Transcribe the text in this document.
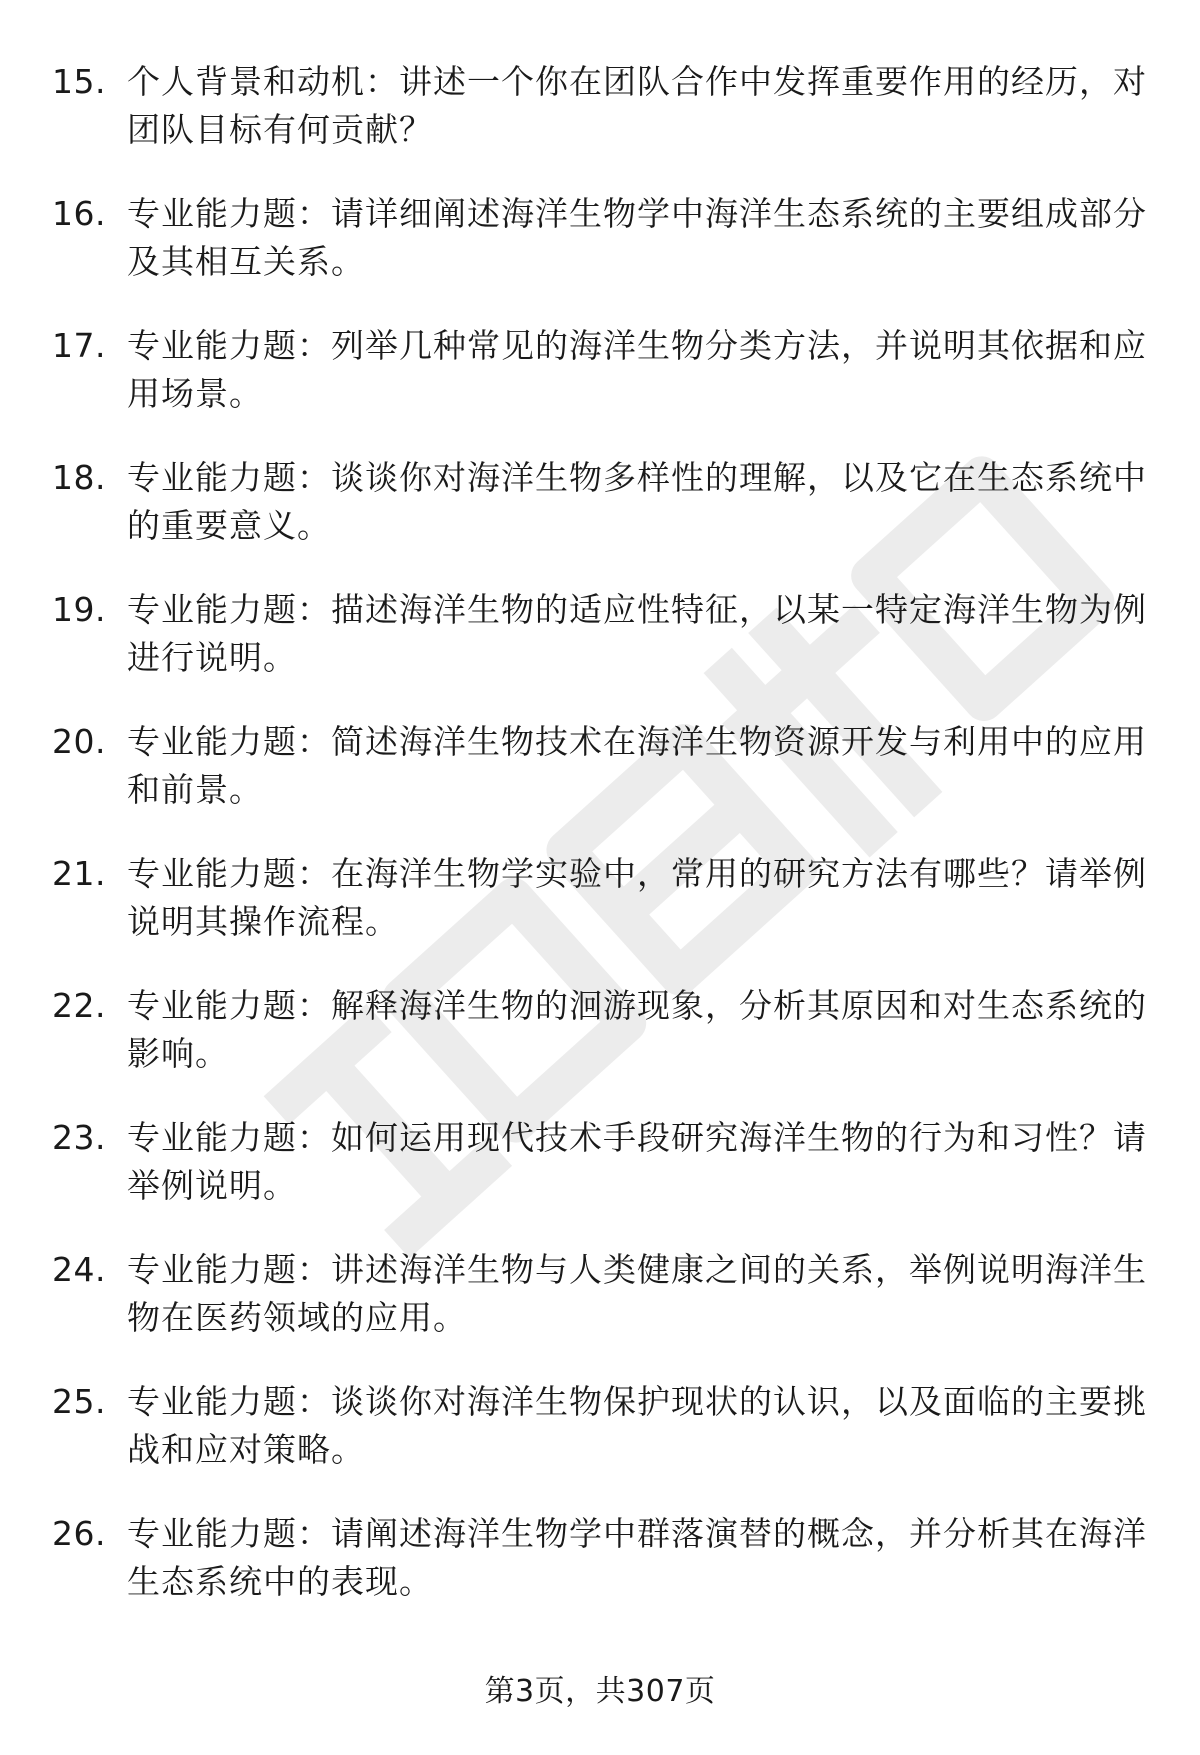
15. 个人背景和动机：讲述一个你在团队合作中发挥重要作用的经历，对团队目标有何贡献？
16. 专业能力题：请详细阐述海洋生物学中海洋生态系统的主要组成部分及其相互关系。
17. 专业能力题：列举几种常见的海洋生物分类方法，并说明其依据和应用场景。
18. 专业能力题：谈谈你对海洋生物多样性的理解，以及它在生态系统中的重要意义。
19. 专业能力题：描述海洋生物的适应性特征，以某一特定海洋生物为例进行说明。
20. 专业能力题：简述海洋生物技术在海洋生物资源开发与利用中的应用和前景。
21. 专业能力题：在海洋生物学实验中，常用的研究方法有哪些？请举例说明其操作流程。
22. 专业能力题：解释海洋生物的洄游现象，分析其原因和对生态系统的影响。
23. 专业能力题：如何运用现代技术手段研究海洋生物的行为和习性？请举例说明。
24. 专业能力题：讲述海洋生物与人类健康之间的关系，举例说明海洋生物在医药领域的应用。
25. 专业能力题：谈谈你对海洋生物保护现状的认识，以及面临的主要挑战和应对策略。
26. 专业能力题：请阐述海洋生物学中群落演替的概念，并分析其在海洋生态系统中的表现。
第3页，共307页
